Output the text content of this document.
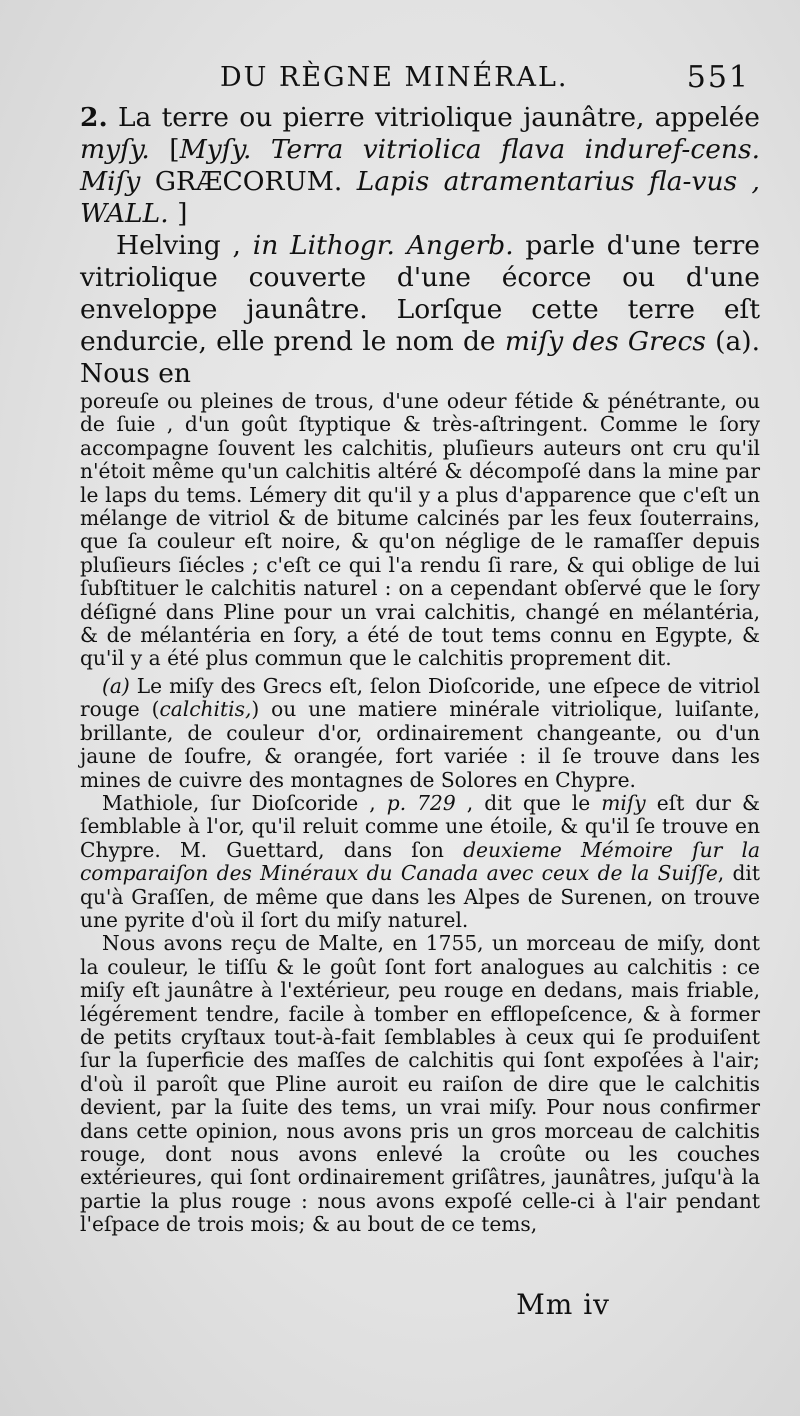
DU RÈGNE MINÉRAL.	551

2. La terre ou pierre vitriolique jaunâtre, appelée myſy. [Myſy. Terra vitriolica flava induref-cens. Miſy GRÆCORUM. Lapis atramentarius fla-vus , WALL. ]

Helving , in Lithogr. Angerb. parle d'une terre vitriolique couverte d'une écorce ou d'une enveloppe jaunâtre. Lorſque cette terre eſt endurcie, elle prend le nom de miſy des Grecs (a). Nous en

poreuſe ou pleines de trous, d'une odeur fétide & pénétrante, ou de ſuie , d'un goût ſtyptique & très-aſtringent. Comme le ſory accompagne ſouvent les calchitis, pluſieurs auteurs ont cru qu'il n'étoit même qu'un calchitis altéré & décompoſé dans la mine par le laps du tems. Lémery dit qu'il y a plus d'apparence que c'eſt un mélange de vitriol & de bitume calcinés par les feux ſouterrains, que ſa couleur eſt noire, & qu'on néglige de le ramaſſer depuis pluſieurs ſiécles ; c'eſt ce qui l'a rendu ſi rare, & qui oblige de lui ſubſtituer le calchitis naturel : on a cependant obſervé que le ſory déſigné dans Pline pour un vrai calchitis, changé en mélantéria, & de mélantéria en ſory, a été de tout tems connu en Egypte, & qu'il y a été plus commun que le calchitis proprement dit.

(a) Le miſy des Grecs eſt, ſelon Dioſcoride, une eſpece de vitriol rouge (calchitis,) ou une matiere minérale vitriolique, luiſante, brillante, de couleur d'or, ordinairement changeante, ou d'un jaune de ſoufre, & orangée, fort variée : il ſe trouve dans les mines de cuivre des montagnes de Solores en Chypre.

Mathiole, ſur Dioſcoride , p. 729 , dit que le miſy eſt dur & ſemblable à l'or, qu'il reluit comme une étoile, & qu'il ſe trouve en Chypre. M. Guettard, dans ſon deuxieme Mémoire ſur la comparaiſon des Minéraux du Canada avec ceux de la Suiſſe, dit qu'à Graſſen, de même que dans les Alpes de Surenen, on trouve une pyrite d'où il ſort du miſy naturel.

Nous avons reçu de Malte, en 1755, un morceau de miſy, dont la couleur, le tiſſu & le goût ſont fort analogues au calchitis : ce miſy eſt jaunâtre à l'extérieur, peu rouge en dedans, mais friable, légérement tendre, facile à tomber en efflореſcence, & à former de petits cryſtaux tout-à-fait ſemblables à ceux qui ſe produiſent ſur la ſuperficie des maſſes de calchitis qui ſont expoſées à l'air; d'où il paroît que Pline auroit eu raiſon de dire que le calchitis devient, par la ſuite des tems, un vrai miſy. Pour nous confirmer dans cette opinion, nous avons pris un gros morceau de calchitis rouge, dont nous avons enlevé la croûte ou les couches extérieures, qui ſont ordinairement griſâtres, jaunâtres, juſqu'à la partie la plus rouge : nous avons expoſé celle-ci à l'air pendant l'eſpace de trois mois; & au bout de ce tems,

Mm iv
